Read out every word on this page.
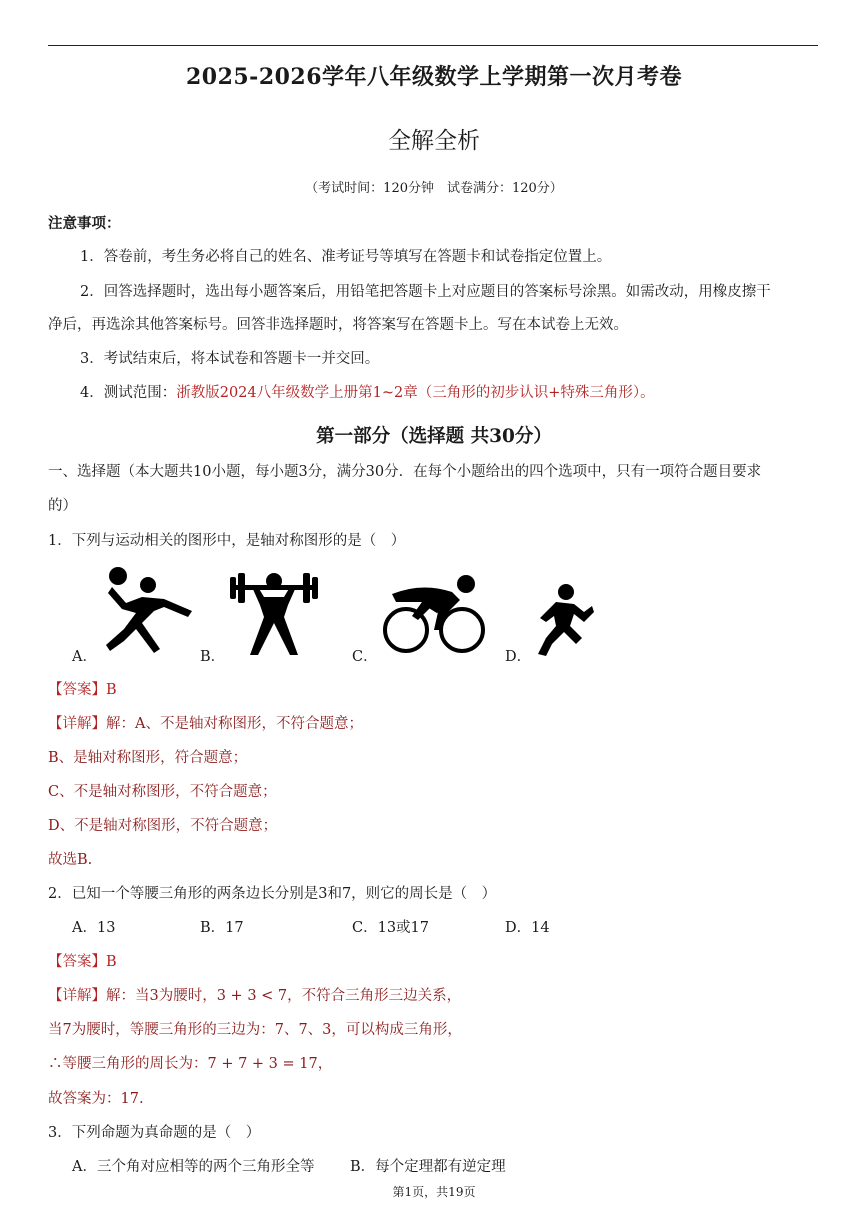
2025-2026学年八年级数学上学期第一次月考卷
全解全析
（考试时间：120分钟　试卷满分：120分）
注意事项：
1．答卷前，考生务必将自己的姓名、准考证号等填写在答题卡和试卷指定位置上。
2．回答选择题时，选出每小题答案后，用铅笔把答题卡上对应题目的答案标号涂黑。如需改动，用橡皮擦干
净后，再选涂其他答案标号。回答非选择题时，将答案写在答题卡上。写在本试卷上无效。
3．考试结束后，将本试卷和答题卡一并交回。
4．测试范围：浙教版2024八年级数学上册第1~2章（三角形的初步认识+特殊三角形）。
第一部分（选择题 共30分）
一、选择题（本大题共10小题，每小题3分，满分30分．在每个小题给出的四个选项中，只有一项符合题目要求
的）
1．下列与运动相关的图形中，是轴对称图形的是（　）
A．	B．	C．	D．
【答案】B
【详解】解：A、不是轴对称图形，不符合题意；
B、是轴对称图形，符合题意；
C、不是轴对称图形，不符合题意；
D、不是轴对称图形，不符合题意；
故选B.
2．已知一个等腰三角形的两条边长分别是3和7，则它的周长是（　）
A．13	B．17	C．13或17	D．14
【答案】B
【详解】解：当3为腰时，3 + 3 < 7，不符合三角形三边关系，
当7为腰时，等腰三角形的三边为：7、7、3，可以构成三角形，
∴等腰三角形的周长为：7 + 7 + 3 = 17，
故答案为：17.
3．下列命题为真命题的是（　）
A．三个角对应相等的两个三角形全等 B．每个定理都有逆定理
第1页，共19页
